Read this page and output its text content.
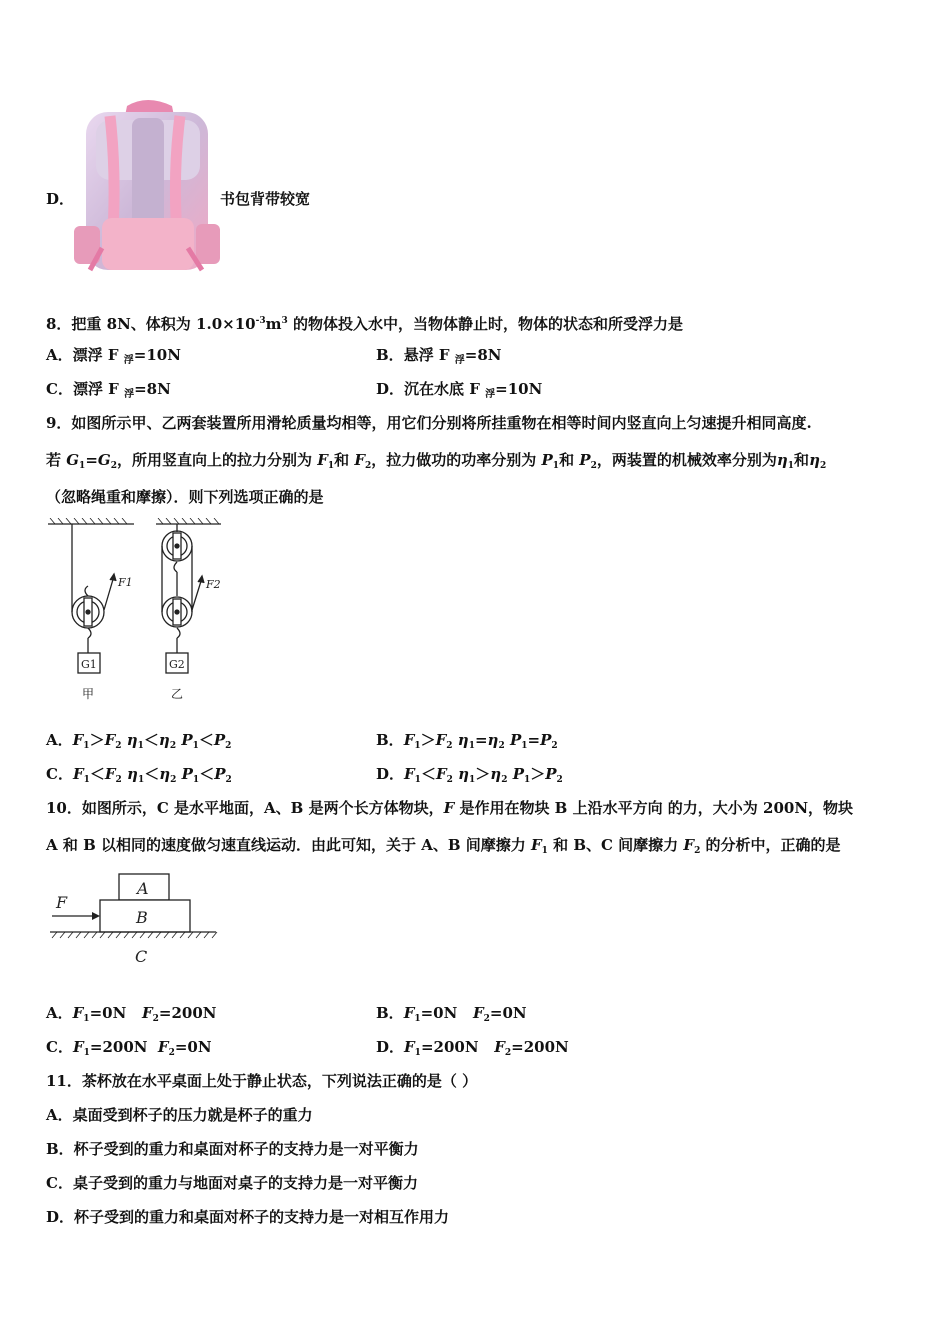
D．	书包背带较宽
8．把重 8N、体积为 $1.0\times 10^{-3}m^3$ 的物体投入水中，当物体静止时，物体的状态和所受浮力是
A．漂浮 F $_浮$=10N	B．悬浮 F $_浮$=8N
C．漂浮 F $_浮$=8N	D．沉在水底 F $_浮$=10N
9．如图所示甲、乙两套装置所用滑轮质量均相等，用它们分别将所挂重物在相等时间内竖直向上匀速提升相同高度.
若 $G_1=G_2$，所用竖直向上的拉力分别为 $F_1$和 $F_2$，拉力做功的功率分别为 $P_1$和 $P_2$，两装置的机械效率分别为$\eta_1$和$\eta_2$
（忽略绳重和摩擦）．则下列选项正确的是
F1	F2
G1	G2
甲	乙
A．$F_1>F_2$ $\eta_1<\eta_2$ $P_1<P_2$	B．$F_1>F_2$ $\eta_1=\eta_2$ $P_1=P_2$
C．$F_1<F_2$ $\eta_1<\eta_2$ $P_1<P_2$	D．$F_1<F_2$ $\eta_1>\eta_2$ $P_1>P_2$
10．如图所示，C 是水平地面，A、B 是两个长方体物块，F 是作用在物块 B 上沿水平方向 的力，大小为 200N，物块
A 和 B 以相同的速度做匀速直线运动．由此可知，关于 A、B 间摩擦力 $F_1$ 和 B、C 间摩擦力 $F_2$ 的分析中，正确的是
F
A
B
C
A．$F_1=0N$ $F_2=200N$	B．$F_1=0N$ $F_2=0N$
C．$F_1=200N$ $F_2=0N$	D．$F_1=200N$ $F_2=200N$
11．茶杯放在水平桌面上处于静止状态，下列说法正确的是（ ）
A．桌面受到杯子的压力就是杯子的重力
B．杯子受到的重力和桌面对杯子的支持力是一对平衡力
C．桌子受到的重力与地面对桌子的支持力是一对平衡力
D．杯子受到的重力和桌面对杯子的支持力是一对相互作用力
